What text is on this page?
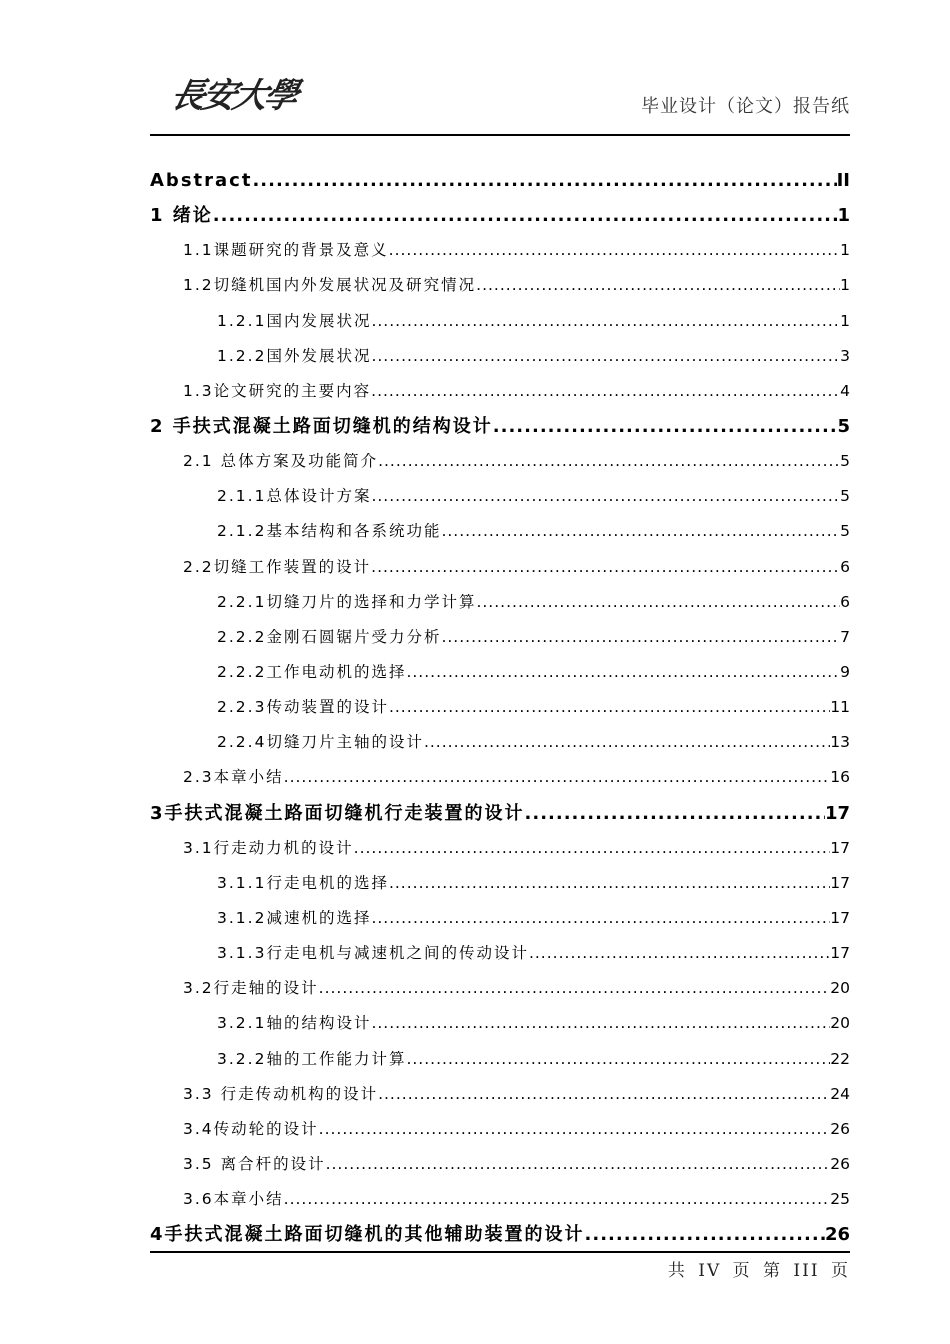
長安大學	毕业设计（论文）报告纸
Abstract .....	II
1 绪论 .....	1
1.1课题研究的背景及意义 .....	1
1.2切缝机国内外发展状况及研究情况 .....	1
1.2.1国内发展状况 .....	1
1.2.2国外发展状况 .....	3
1.3论文研究的主要内容 .....	4
2 手扶式混凝土路面切缝机的结构设计 .....	5
2.1 总体方案及功能简介 .....	5
2.1.1总体设计方案 .....	5
2.1.2基本结构和各系统功能 .....	5
2.2切缝工作装置的设计 .....	6
2.2.1切缝刀片的选择和力学计算 .....	6
2.2.2金刚石圆锯片受力分析 .....	7
2.2.2工作电动机的选择 .....	9
2.2.3传动装置的设计 .....	11
2.2.4切缝刀片主轴的设计 .....	13
2.3本章小结 .....	16
3手扶式混凝土路面切缝机行走装置的设计 .....	17
3.1行走动力机的设计 .....	17
3.1.1行走电机的选择 .....	17
3.1.2减速机的选择 .....	17
3.1.3行走电机与减速机之间的传动设计 .....	17
3.2行走轴的设计 .....	20
3.2.1轴的结构设计 .....	20
3.2.2轴的工作能力计算 .....	22
3.3 行走传动机构的设计 .....	24
3.4传动轮的设计 .....	26
3.5 离合杆的设计 .....	26
3.6本章小结 .....	25
4手扶式混凝土路面切缝机的其他辅助装置的设计 .....	26
共 IV 页 第 III 页
